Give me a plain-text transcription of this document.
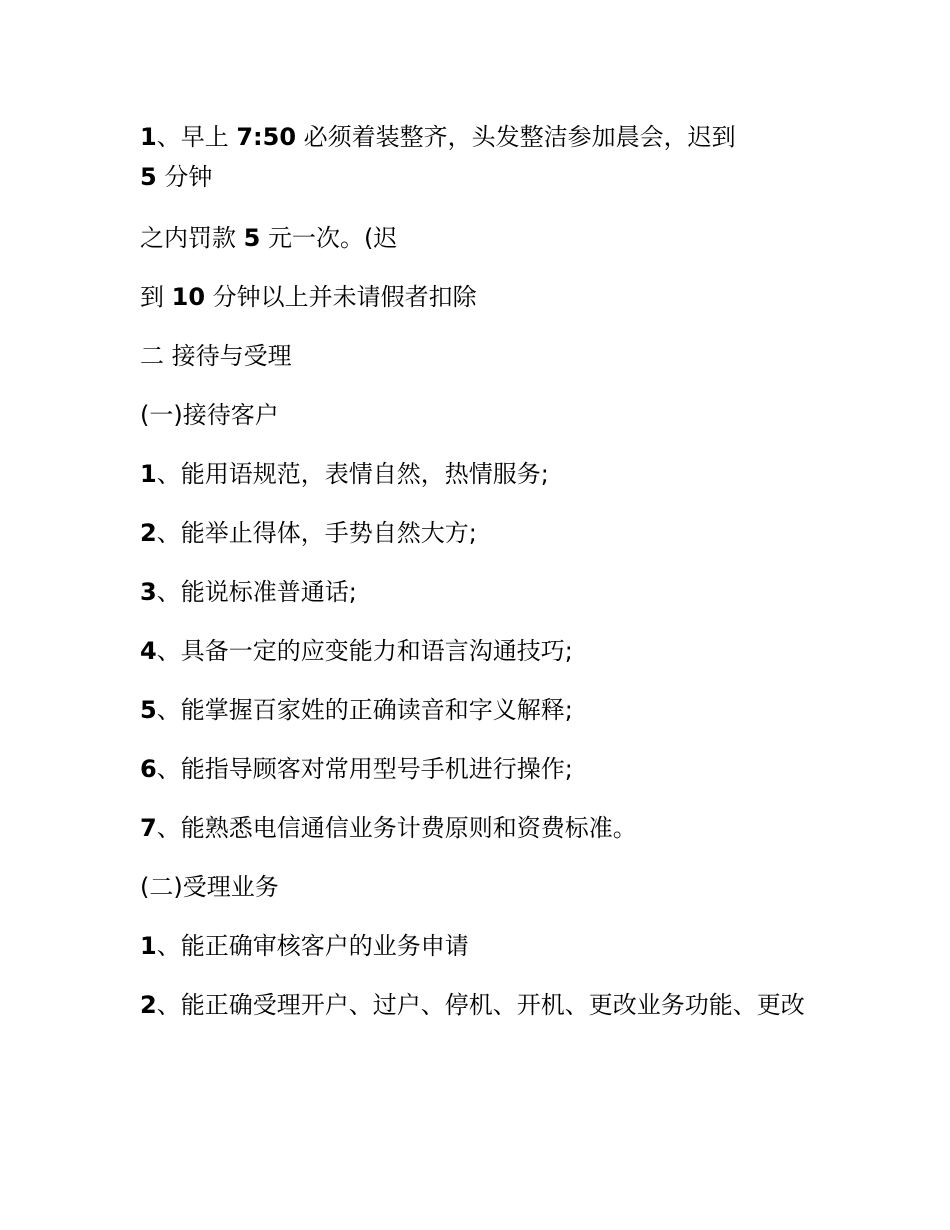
1、早上 7:50 必须着装整齐，头发整洁参加晨会，迟到
5 分钟
之内罚款 5 元一次。(迟
到 10 分钟以上并未请假者扣除
二 接待与受理
(一)接待客户
1、能用语规范，表情自然，热情服务;
2、能举止得体，手势自然大方;
3、能说标准普通话;
4、具备一定的应变能力和语言沟通技巧;
5、能掌握百家姓的正确读音和字义解释;
6、能指导顾客对常用型号手机进行操作;
7、能熟悉电信通信业务计费原则和资费标准。
(二)受理业务
1、能正确审核客户的业务申请
2、能正确受理开户、过户、停机、开机、更改业务功能、更改
